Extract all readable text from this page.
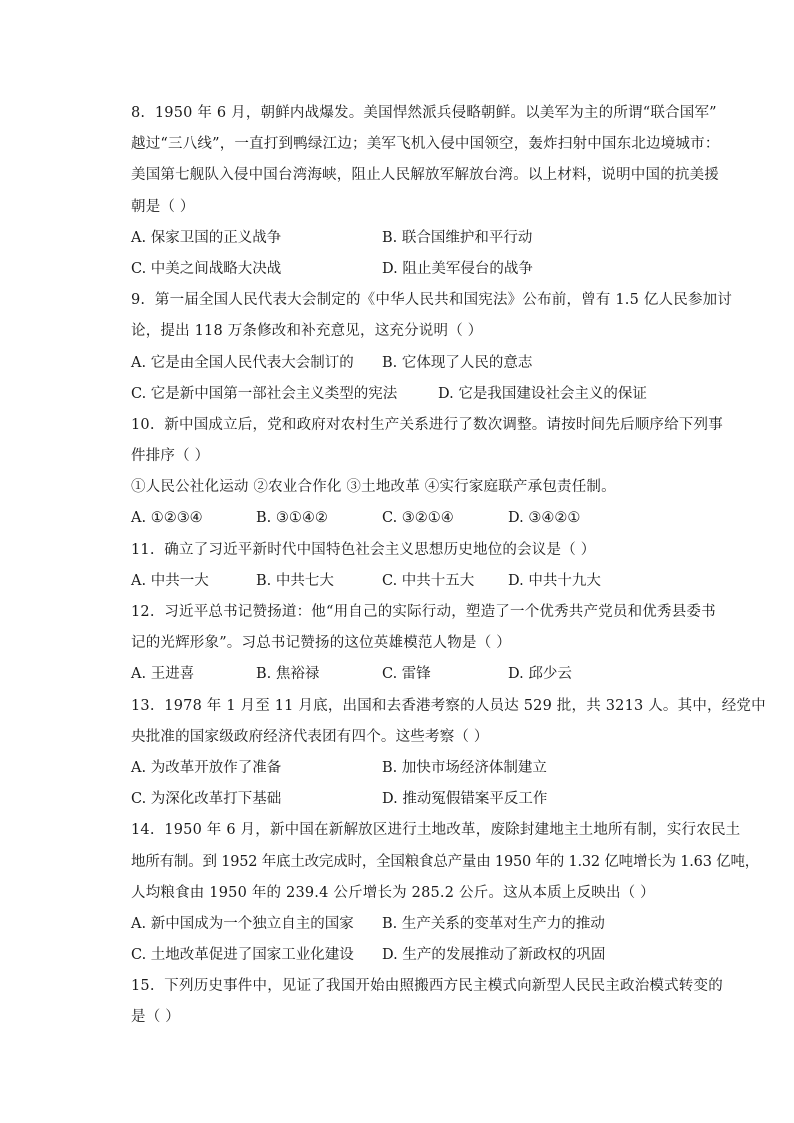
8. 1950 年 6 月，朝鲜内战爆发。美国悍然派兵侵略朝鲜。以美军为主的所谓“联合国军”
越过“三八线”，一直打到鸭绿江边；美军飞机入侵中国领空，轰炸扫射中国东北边境城市：
美国第七舰队入侵中国台湾海峡，阻止人民解放军解放台湾。以上材料，说明中国的抗美援
朝是（ ）
A. 保家卫国的正义战争	B. 联合国维护和平行动
C. 中美之间战略大决战	D. 阻止美军侵台的战争
9. 第一届全国人民代表大会制定的《中华人民共和国宪法》公布前，曾有 1.5 亿人民参加讨
论，提出 118 万条修改和补充意见，这充分说明（ ）
A. 它是由全国人民代表大会制订的 B. 它体现了人民的意志
C. 它是新中国第一部社会主义类型的宪法	D. 它是我国建设社会主义的保证
10. 新中国成立后，党和政府对农村生产关系进行了数次调整。请按时间先后顺序给下列事
件排序（ ）
①人民公社化运动 ②农业合作化 ③土地改革 ④实行家庭联产承包责任制。
A. ①②③④	B. ③①④②	C. ③②①④	D. ③④②①
11. 确立了习近平新时代中国特色社会主义思想历史地位的会议是（ ）
A. 中共一大	B. 中共七大	C. 中共十五大 D. 中共十九大
12. 习近平总书记赞扬道：他“用自己的实际行动，塑造了一个优秀共产党员和优秀县委书
记的光辉形象”。习总书记赞扬的这位英雄模范人物是（ ）
A. 王进喜	B. 焦裕禄	C. 雷锋	D. 邱少云
13. 1978 年 1 月至 11 月底，出国和去香港考察的人员达 529 批，共 3213 人。其中，经党中
央批准的国家级政府经济代表团有四个。这些考察（ ）
A. 为改革开放作了准备	B. 加快市场经济体制建立
C. 为深化改革打下基础	D. 推动冤假错案平反工作
14. 1950 年 6 月，新中国在新解放区进行土地改革，废除封建地主土地所有制，实行农民土
地所有制。到 1952 年底土改完成时，全国粮食总产量由 1950 年的 1.32 亿吨增长为 1.63 亿吨，
人均粮食由 1950 年的 239.4 公斤增长为 285.2 公斤。这从本质上反映出（ ）
A. 新中国成为一个独立自主的国家 B. 生产关系的变革对生产力的推动
C. 土地改革促进了国家工业化建设 D. 生产的发展推动了新政权的巩固
15. 下列历史事件中，见证了我国开始由照搬西方民主模式向新型人民民主政治模式转变的
是（ ）
